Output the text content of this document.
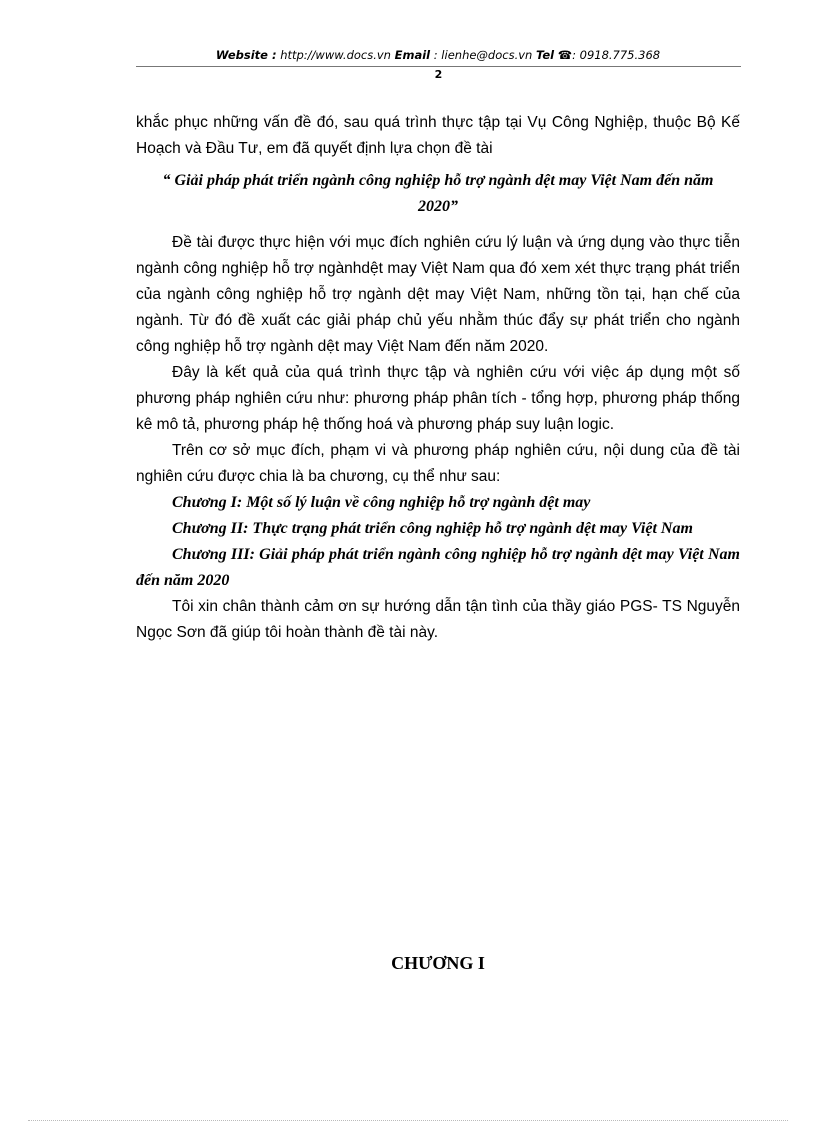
Website : http://www.docs.vn Email : lienhe@docs.vn Tel ☎: 0918.775.368
2

khắc phục những vấn đề đó, sau quá trình thực tập tại Vụ Công Nghiệp, thuộc Bộ Kế Hoạch và Đầu Tư, em đã quyết định lựa chọn đề tài

“ Giải pháp phát triển ngành công nghiệp hỗ trợ ngành dệt may Việt Nam đến năm 2020”

Đề tài được thực hiện với mục đích nghiên cứu lý luận và ứng dụng vào thực tiễn ngành công nghiệp hỗ trợ ngànhdệt may Việt Nam qua đó xem xét thực trạng phát triển của ngành công nghiệp hỗ trợ ngành dệt may Việt Nam, những tồn tại, hạn chế của ngành. Từ đó đề xuất các giải pháp chủ yếu nhằm thúc đẩy sự phát triển cho ngành công nghiệp hỗ trợ ngành dệt may Việt Nam đến năm 2020.

Đây là kết quả của quá trình thực tập và nghiên cứu với việc áp dụng một số phương pháp nghiên cứu như: phương pháp phân tích - tổng hợp, phương pháp thống kê mô tả, phương pháp hệ thống hoá và phương pháp suy luận logic.

Trên cơ sở mục đích, phạm vi và phương pháp nghiên cứu, nội dung của đề tài nghiên cứu được chia là ba chương, cụ thể như sau:

Chương I: Một số lý luận về công nghiệp hỗ trợ ngành dệt may

Chương II: Thực trạng phát triển công nghiệp hỗ trợ ngành dệt may Việt Nam

Chương III: Giải pháp phát triển ngành công nghiệp hỗ trợ ngành dệt may Việt Nam đến năm 2020

Tôi xin chân thành cảm ơn sự hướng dẫn tận tình của thầy giáo PGS- TS Nguyễn Ngọc Sơn đã giúp tôi hoàn thành đề tài này.

CHƯƠNG I
